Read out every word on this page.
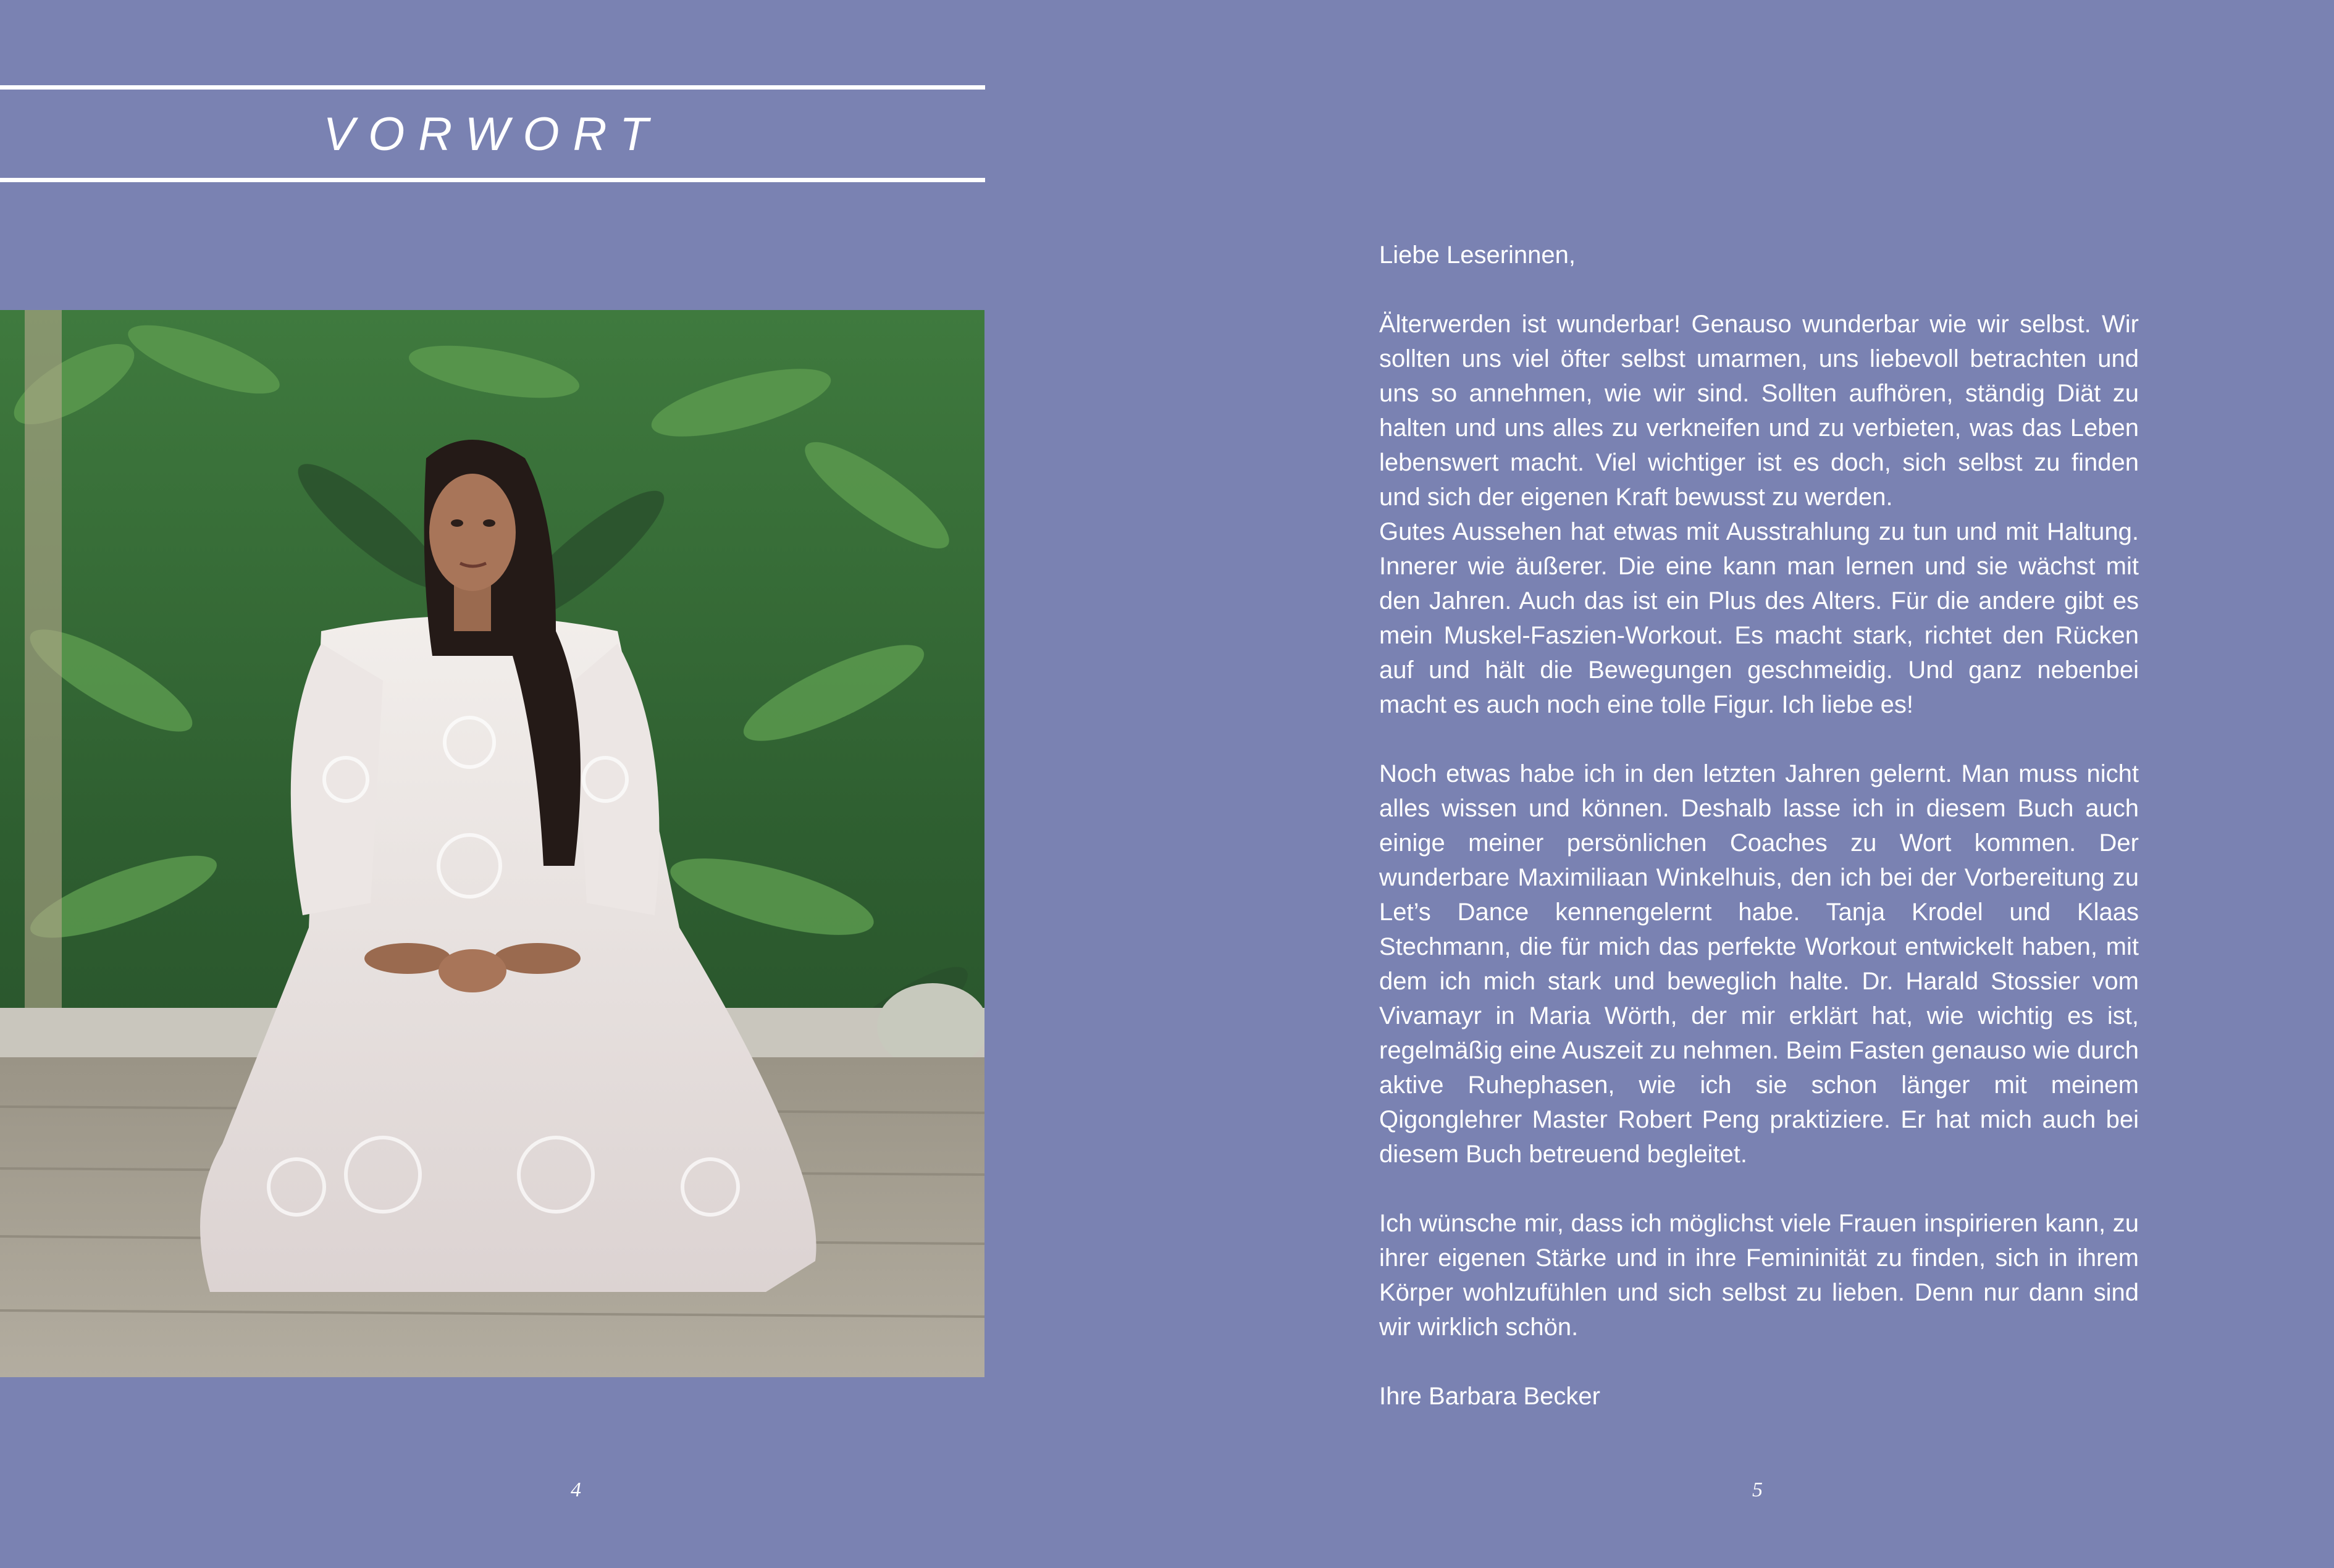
VORWORT

Liebe Leserinnen,

Älterwerden ist wunderbar! Genauso wunderbar wie wir selbst. Wir sollten uns viel öfter selbst umarmen, uns liebevoll betrachten und uns so annehmen, wie wir sind. Sollten aufhören, ständig Diät zu halten und uns alles zu verkneifen und zu verbieten, was das Leben lebenswert macht. Viel wichtiger ist es doch, sich selbst zu finden und sich der eigenen Kraft bewusst zu werden.

Gutes Aussehen hat etwas mit Ausstrahlung zu tun und mit Haltung. Innerer wie äußerer. Die eine kann man lernen und sie wächst mit den Jahren. Auch das ist ein Plus des Alters. Für die andere gibt es mein Muskel-Faszien-Workout. Es macht stark, richtet den Rücken auf und hält die Bewegungen geschmeidig. Und ganz nebenbei macht es auch noch eine tolle Figur. Ich liebe es!

Noch etwas habe ich in den letzten Jahren gelernt. Man muss nicht alles wissen und können. Deshalb lasse ich in diesem Buch auch einige meiner persönlichen Coaches zu Wort kommen. Der wunderbare Maximiliaan Winkelhuis, den ich bei der Vorbereitung zu Let’s Dance kennengelernt habe. Tanja Krodel und Klaas Stechmann, die für mich das perfekte Workout entwickelt haben, mit dem ich mich stark und beweglich halte. Dr. Harald Stossier vom Vivamayr in Maria Wörth, der mir erklärt hat, wie wichtig es ist, regelmäßig eine Auszeit zu nehmen. Beim Fasten genauso wie durch aktive Ruhephasen, wie ich sie schon länger mit meinem Qigonglehrer Master Robert Peng praktiziere. Er hat mich auch bei diesem Buch betreuend begleitet.

Ich wünsche mir, dass ich möglichst viele Frauen inspirieren kann, zu ihrer eigenen Stärke und in ihre Femininität zu finden, sich in ihrem Körper wohlzufühlen und sich selbst zu lieben. Denn nur dann sind wir wirklich schön.

Ihre Barbara Becker

4	5
